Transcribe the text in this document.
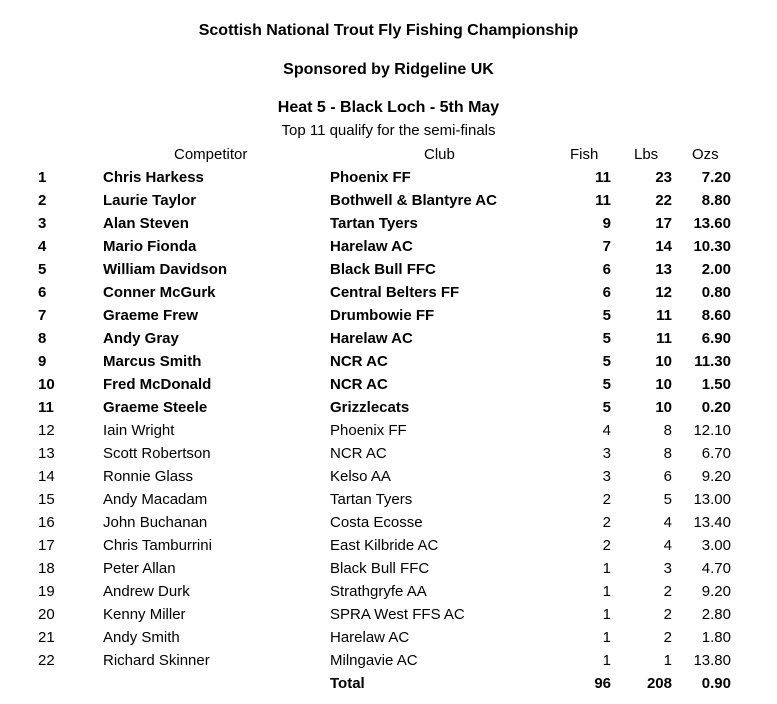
Scottish National Trout Fly Fishing Championship
Sponsored by Ridgeline UK
Heat 5 - Black Loch - 5th May
Top 11 qualify for the semi-finals
Competitor	Club	Fish Lbs Ozs
1	Chris Harkess	Phoenix FF	11	23 7.20
2	Laurie Taylor	Bothwell & Blantyre AC	11	22 8.80
3	Alan Steven	Tartan Tyers	9	17 13.60
4	Mario Fionda	Harelaw AC	7	14 10.30
5	William Davidson	Black Bull FFC	6	13 2.00
6	Conner McGurk	Central Belters FF	6	12 0.80
7	Graeme Frew	Drumbowie FF	5	11 8.60
8	Andy Gray	Harelaw AC	5	11 6.90
9	Marcus Smith	NCR AC	5	10 11.30
10	Fred McDonald	NCR AC	5	10 1.50
11	Graeme Steele	Grizzlecats	5	10 0.20
12	Iain Wright	Phoenix FF	4	8 12.10
13	Scott Robertson	NCR AC	3	8 6.70
14	Ronnie Glass	Kelso AA	3	6 9.20
15	Andy Macadam	Tartan Tyers	2	5 13.00
16	John Buchanan	Costa Ecosse	2	4 13.40
17	Chris Tamburrini	East Kilbride AC	2	4 3.00
18	Peter Allan	Black Bull FFC	1	3 4.70
19	Andrew Durk	Strathgryfe AA	1	2 9.20
20	Kenny Miller	SPRA West FFS AC	1	2 2.80
21	Andy Smith	Harelaw AC	1	2 1.80
22	Richard Skinner	Milngavie AC	1	1 13.80
Total	96 208 0.90
